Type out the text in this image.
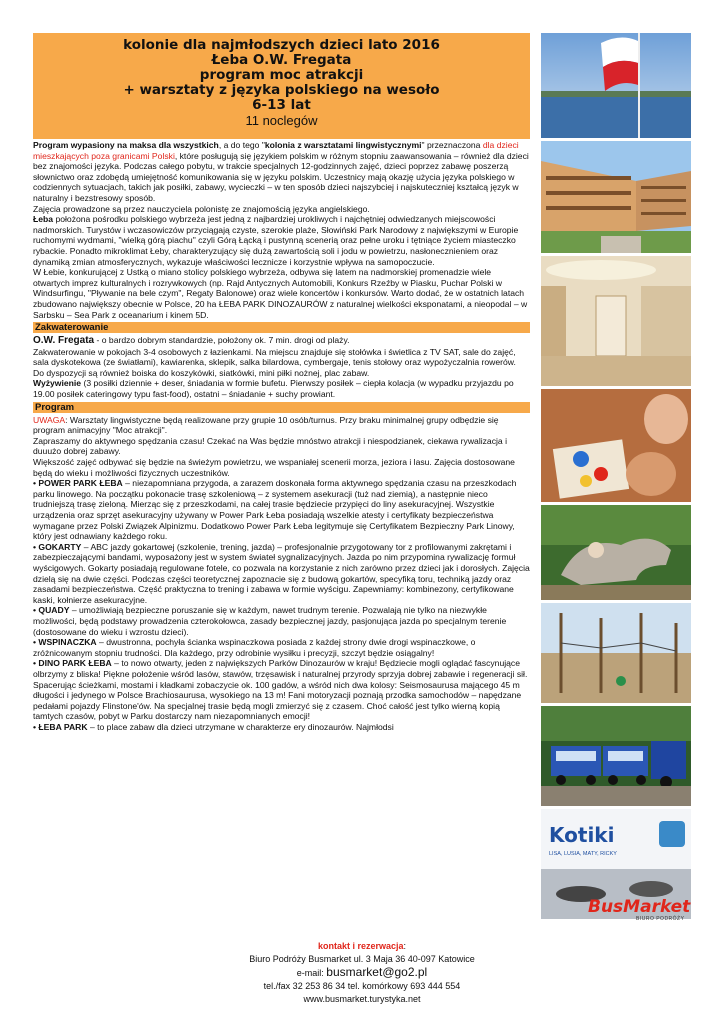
kolonie dla najmłodszych dzieci lato 2016
Łeba O.W. Fregata
program moc atrakcji
+ warsztaty z języka polskiego na wesoło
6-13 lat
11 noclegów

Program wypasiony na maksa dla wszystkich, a do tego "kolonia z warsztatami lingwistycznymi" przeznaczona dla dzieci mieszkających poza granicami Polski, które posługują się językiem polskim w różnym stopniu zaawansowania – również dla dzieci bez znajomości języka. Podczas całego pobytu, w trakcie specjalnych 12-godzinnych zajęć, dzieci poprzez zabawę poszerzą słownictwo oraz zdobędą umiejętność komunikowania się w języku polskim. Uczestnicy mają okazję użycia języka polskiego w codziennych sytuacjach, takich jak posiłki, zabawy, wycieczki – w ten sposób dzieci najszybciej i najskuteczniej kształcą język w naturalny i bezstresowy sposób.

Zajęcia prowadzone są przez nauczyciela polonistę ze znajomością języka angielskiego.

Łeba położona pośrodku polskiego wybrzeża jest jedną z najbardziej urokliwych i najchętniej odwiedzanych miejscowości nadmorskich. Turystów i wczasowiczów przyciągają czyste, szerokie plaże, Słowiński Park Narodowy z największymi w Europie ruchomymi wydmami, "wielką górą piachu" czyli Górą Łącką i pustynną scenerią oraz pełne uroku i tętniące życiem miasteczko rybackie. Ponadto mikroklimat Łeby, charakteryzujący się dużą zawartością soli i jodu w powietrzu, nasłonecznieniem oraz dynamiką zmian atmosferycznych, wykazuje właściwości lecznicze i korzystnie wpływa na samopoczucie.

W Łebie, konkurującej z Ustką o miano stolicy polskiego wybrzeża, odbywa się latem na nadmorskiej promenadzie wiele otwartych imprez kulturalnych i rozrywkowych (np. Rajd Antycznych Automobili, Konkurs Rzeźby w Piasku, Puchar Polski w Windsurfingu, "Pływanie na bele czym", Regaty Balonowe) oraz wiele koncertów i konkursów. Warto dodać, że w ostatnich latach zbudowano największy obecnie w Polsce, 20 ha ŁEBA PARK DINOZAURÓW z naturalnej wielkości eksponatami, a nieopodal – w Sarbsku – Sea Park z oceanarium i kinem 5D.

Zakwaterowanie

O.W. Fregata - o bardzo dobrym standardzie, położony ok. 7 min. drogi od plaży.

Zakwaterowanie w pokojach 3-4 osobowych z łazienkami. Na miejscu znajduje się stołówka i świetlica z TV SAT, sale do zajęć, sala dyskotekowa (ze światłami), kawiarenka, sklepik, salka bilardowa, cymbergaje, tenis stołowy oraz wypożyczalnia rowerów.

Do dyspozycji są również boiska do koszykówki, siatkówki, mini piłki nożnej, plac zabaw.

Wyżywienie (3 posiłki dziennie + deser, śniadania w formie bufetu. Pierwszy posiłek – ciepła kolacja (w wypadku przyjazdu po 19.00 posiłek cateringowy typu fast-food), ostatni – śniadanie + suchy prowiant.

Program

UWAGA: Warsztaty lingwistyczne będą realizowane przy grupie 10 osób/turnus. Przy braku minimalnej grupy odbędzie się program animacyjny "Moc atrakcji".

Zapraszamy do aktywnego spędzania czasu! Czekać na Was będzie mnóstwo atrakcji i niespodzianek, ciekawa rywalizacja i duuużo dobrej zabawy.

Większość zajęć odbywać się będzie na świeżym powietrzu, we wspaniałej scenerii morza, jeziora i lasu. Zajęcia dostosowane będą do wieku i możliwości fizycznych uczestników.

• POWER PARK ŁEBA – niezapomniana przygoda, a zarazem doskonała forma aktywnego spędzania czasu na przeszkodach parku linowego. Na początku pokonacie trasę szkoleniową – z systemem asekuracji (tuż nad ziemią), a następnie nieco trudniejszą trasę zieloną. Mierząc się z przeszkodami, na całej trasie będziecie przypięci do liny asekuracyjnej. Wszystkie urządzenia oraz sprzęt asekuracyjny używany w Power Park Łeba posiadają wszelkie atesty i certyfikaty bezpieczeństwa wymagane przez Polski Związek Alpinizmu. Dodatkowo Power Park Łeba legitymuje się Certyfikatem Bezpieczny Park Linowy, który jest odnawiany każdego roku.

• GOKARTY – ABC jazdy gokartowej (szkolenie, trening, jazda) – profesjonalnie przygotowany tor z profilowanymi zakrętami i zabezpieczającymi bandami, wyposażony jest w system świateł sygnalizacyjnych. Jazda po nim przypomina rywalizację formuł wyścigowych. Gokarty posiadają regulowane fotele, co pozwala na korzystanie z nich zarówno przez dzieci jak i dorosłych. Zajęcia dzielą się na dwie części. Podczas części teoretycznej zapoznacie się z budową gokartów, specyfiką toru, techniką jazdy oraz zasadami bezpieczeństwa. Część praktyczna to trening i zabawa w formie wyścigu. Zapewniamy: kombinezony, certyfikowane kaski, kołnierze asekuracyjne.

• QUADY – umożliwiają bezpieczne poruszanie się w każdym, nawet trudnym terenie. Pozwalają nie tylko na niezwykłe możliwości, będą podstawy prowadzenia czterokołowca, zasady bezpiecznej jazdy, pasjonująca jazda po specjalnym terenie (dostosowane do wieku i wzrostu dzieci).

• WSPINACZKA – dwustronna, pochyła ścianka wspinaczkowa posiada z każdej strony dwie drogi wspinaczkowe, o zróżnicowanym stopniu trudności. Dla każdego, przy odrobinie wysiłku i precyzji, szczyt będzie osiągalny!

• DINO PARK ŁEBA – to nowo otwarty, jeden z największych Parków Dinozaurów w kraju! Będziecie mogli oglądać fascynujące olbrzymy z bliska! Piękne położenie wśród lasów, stawów, trzęsawisk i naturalnej przyrody sprzyja dobrej zabawie i regeneracji sił. Spacerując ścieżkami, mostami i kładkami zobaczycie ok. 100 gadów, a wśród nich dwa kolosy: Seismosaurusa mającego 45 m długości i jedynego w Polsce Brachiosaurusa, wysokiego na 13 m! Fani motoryzacji poznają przodka samochodów – napędzane pedałami pojazdy Flinstone'ów. Na specjalnej trasie będą mogli zmierzyć się z czasem. Choć całość jest tylko wierną kopią tamtych czasów, pobyt w Parku dostarczy nam niezapomnianych emocji!

• ŁEBA PARK – to place zabaw dla dzieci utrzymane w charakterze ery dinozaurów. Najmłodsi

Kotiki
LISA, LUSIA, MATY, RICKY
BusMarket
BIURO PODRÓŻY
kontakt i rezerwacja:
Biuro Podróży Busmarket ul. 3 Maja 36 40-097 Katowice
e-mail: busmarket@go2.pl
tel./fax 32 253 86 34 tel. komórkowy 693 444 554
www.busmarket.turystyka.net
